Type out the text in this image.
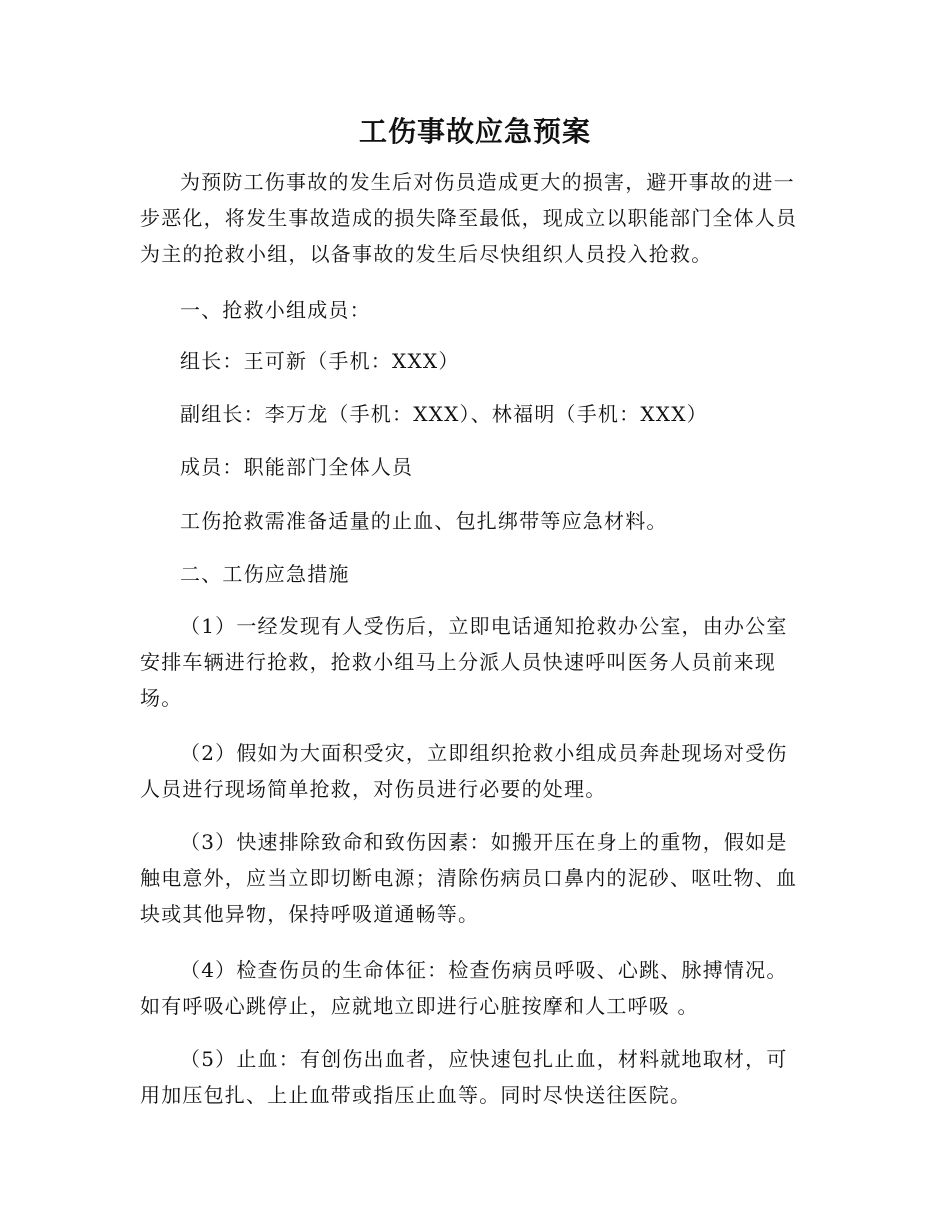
工伤事故应急预案

为预防工伤事故的发生后对伤员造成更大的损害，避开事故的进一步恶化，将发生事故造成的损失降至最低，现成立以职能部门全体人员为主的抢救小组，以备事故的发生后尽快组织人员投入抢救。

一、抢救小组成员：

组长：王可新（手机：XXX）

副组长：李万龙（手机：XXX）、林福明（手机：XXX）

成员：职能部门全体人员

工伤抢救需准备适量的止血、包扎绑带等应急材料。

二、工伤应急措施

（1）一经发现有人受伤后，立即电话通知抢救办公室，由办公室安排车辆进行抢救，抢救小组马上分派人员快速呼叫医务人员前来现场。

（2）假如为大面积受灾，立即组织抢救小组成员奔赴现场对受伤人员进行现场简单抢救，对伤员进行必要的处理。

（3）快速排除致命和致伤因素：如搬开压在身上的重物，假如是触电意外，应当立即切断电源；清除伤病员口鼻内的泥砂、呕吐物、血块或其他异物，保持呼吸道通畅等。

（4）检查伤员的生命体征：检查伤病员呼吸、心跳、脉搏情况。如有呼吸心跳停止，应就地立即进行心脏按摩和人工呼吸 。

（5）止血：有创伤出血者，应快速包扎止血，材料就地取材，可用加压包扎、上止血带或指压止血等。同时尽快送往医院。
